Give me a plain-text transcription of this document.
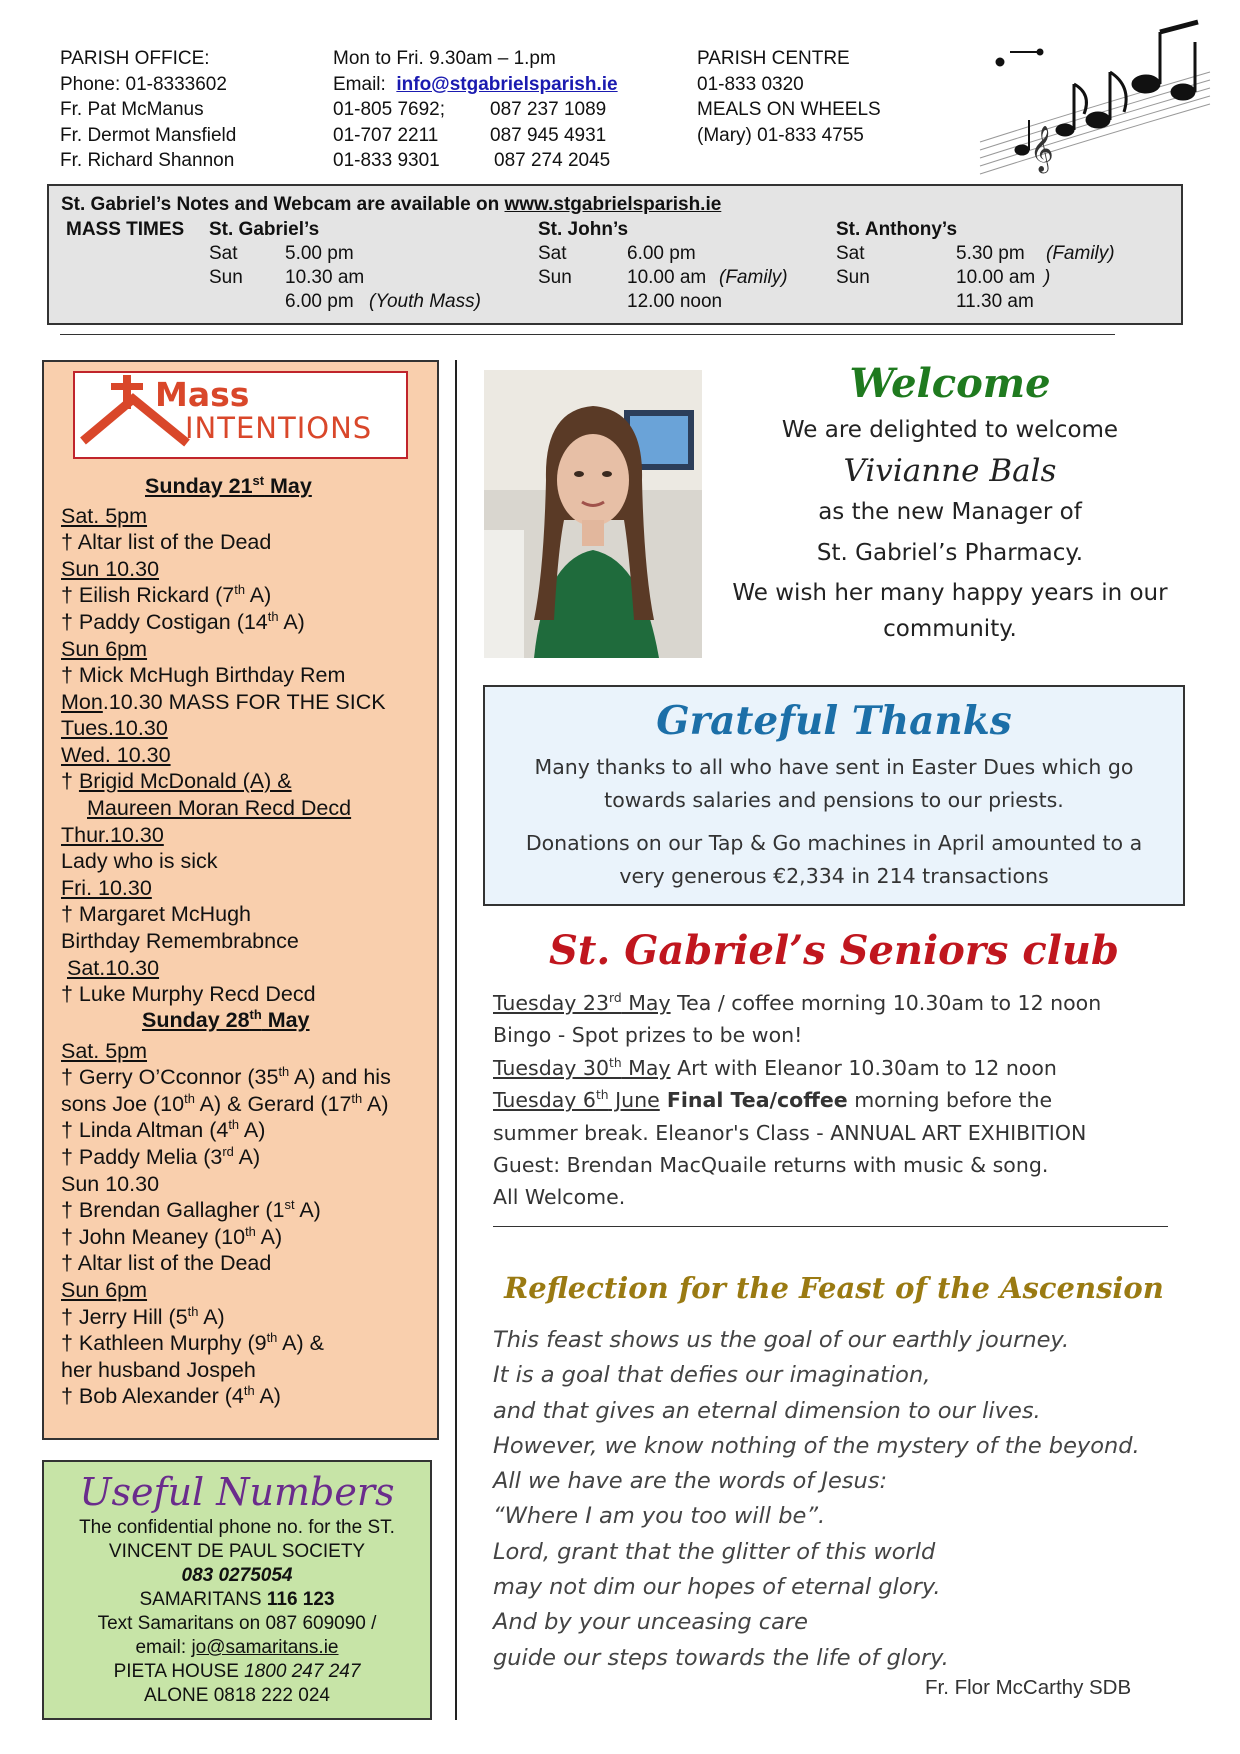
PARISH OFFICE:
Phone: 01-8333602
Fr. Pat McManus
Fr. Dermot Mansfield
Fr. Richard Shannon
Mon to Fri. 9.30am – 1.pm
Email: info@stgabrielsparish.ie
01-805 7692; 087 237 1089
01-707 2211	087 945 4931
01-833 9301	087 274 2045
PARISH CENTRE
01-833 0320
MEALS ON WHEELS
(Mary) 01-833 4755	𝄞
St. Gabriel’s Notes and Webcam are available on www.stgabrielsparish.ie
MASS TIMES St. Gabriel’s
Sat 5.00 pm
Sun 10.30 am
6.00 pm (Youth Mass)
St. John’s
Sat	6.00 pm
Sun	10.00 am (Family)
12.00 noon
St. Anthony’s
Sat	5.30 pm (Family)
Sun	10.00 am )
11.30 am
Mass
INTENTIONS
Sunday 21st May
Sat. 5pm
† Altar list of the Dead
Sun 10.30
† Eilish Rickard (7th A)
† Paddy Costigan (14th A)
Sun 6pm
† Mick McHugh Birthday Rem
Mon.10.30 MASS FOR THE SICK
Tues.10.30
Wed. 10.30
† Brigid McDonald (A) &
Maureen Moran Recd Decd
Thur.10.30
Lady who is sick
Fri. 10.30
† Margaret McHugh
Birthday Remembrabnce
Sat.10.30
† Luke Murphy Recd Decd
Sunday 28th May
Sat. 5pm
† Gerry O’Cconnor (35th A) and his
sons Joe (10th A) & Gerard (17th A)
† Linda Altman (4th A)
† Paddy Melia (3rd A)
Sun 10.30
† Brendan Gallagher (1st A)
† John Meaney (10th A)
† Altar list of the Dead
Sun 6pm
† Jerry Hill (5th A)
† Kathleen Murphy (9th A) &
her husband Jospeh
† Bob Alexander (4th A)
Useful Numbers
The confidential phone no. for the ST.
VINCENT DE PAUL SOCIETY
083 0275054
SAMARITANS 116 123
Text Samaritans on 087 609090 /
email: jo@samaritans.ie
PIETA HOUSE 1800 247 247
ALONE 0818 222 024
Welcome
We are delighted to welcome
Vivianne Bals
as the new Manager of
St. Gabriel’s Pharmacy.
We wish her many happy years in our
community.
Grateful Thanks
Many thanks to all who have sent in Easter Dues which go
towards salaries and pensions to our priests.
Donations on our Tap & Go machines in April amounted to a
very generous €2,334 in 214 transactions
St. Gabriel’s Seniors club
Tuesday 23rd May Tea / coffee morning 10.30am to 12 noon
Bingo - Spot prizes to be won!
Tuesday 30th May Art with Eleanor 10.30am to 12 noon
Tuesday 6th June Final Tea/coffee morning before the
summer break. Eleanor's Class - ANNUAL ART EXHIBITION
Guest: Brendan MacQuaile returns with music & song.
All Welcome.
Reflection for the Feast of the Ascension
This feast shows us the goal of our earthly journey.
It is a goal that defies our imagination,
and that gives an eternal dimension to our lives.
However, we know nothing of the mystery of the beyond.
All we have are the words of Jesus:
“Where I am you too will be”.
Lord, grant that the glitter of this world
may not dim our hopes of eternal glory.
And by your unceasing care
guide our steps towards the life of glory.
Fr. Flor McCarthy SDB
